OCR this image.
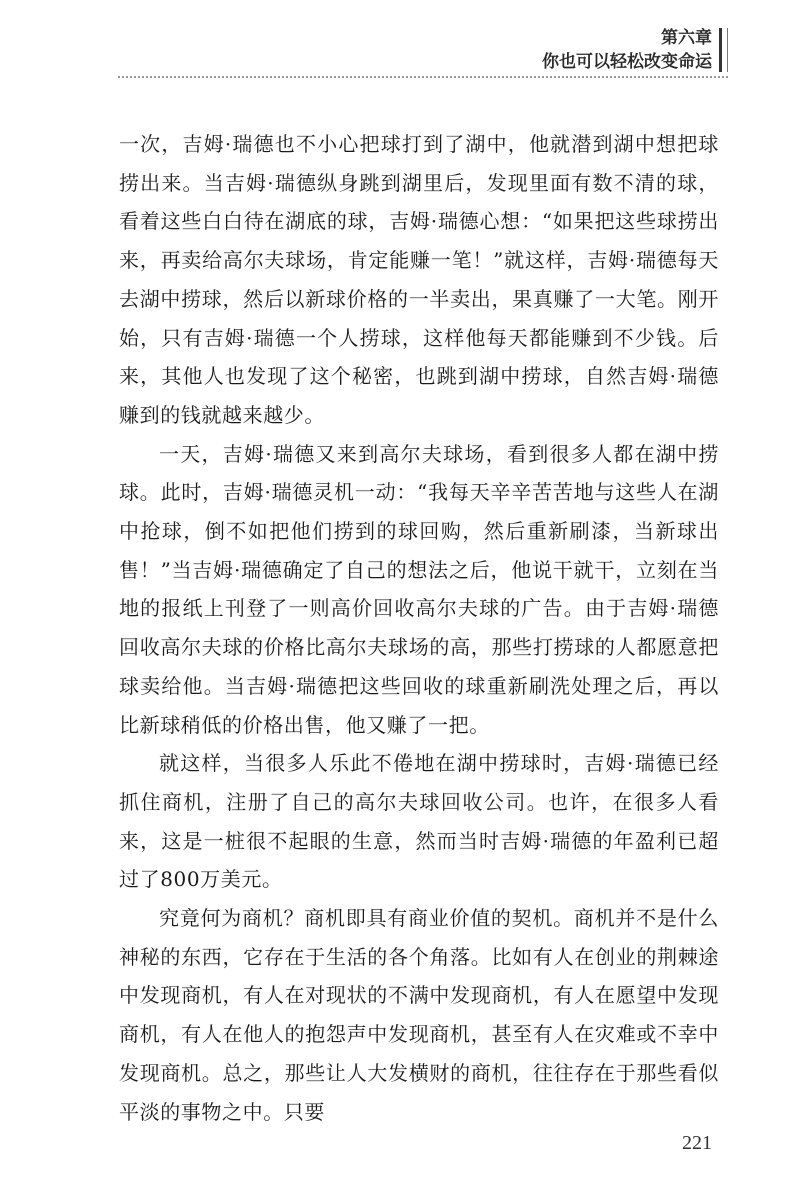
第六章
你也可以轻松改变命运

一次，吉姆·瑞德也不小心把球打到了湖中，他就潜到湖中想把球捞出来。当吉姆·瑞德纵身跳到湖里后，发现里面有数不清的球，看着这些白白待在湖底的球，吉姆·瑞德心想：“如果把这些球捞出来，再卖给高尔夫球场，肯定能赚一笔！”就这样，吉姆·瑞德每天去湖中捞球，然后以新球价格的一半卖出，果真赚了一大笔。刚开始，只有吉姆·瑞德一个人捞球，这样他每天都能赚到不少钱。后来，其他人也发现了这个秘密，也跳到湖中捞球，自然吉姆·瑞德赚到的钱就越来越少。

一天，吉姆·瑞德又来到高尔夫球场，看到很多人都在湖中捞球。此时，吉姆·瑞德灵机一动：“我每天辛辛苦苦地与这些人在湖中抢球，倒不如把他们捞到的球回购，然后重新刷漆，当新球出售！”当吉姆·瑞德确定了自己的想法之后，他说干就干，立刻在当地的报纸上刊登了一则高价回收高尔夫球的广告。由于吉姆·瑞德回收高尔夫球的价格比高尔夫球场的高，那些打捞球的人都愿意把球卖给他。当吉姆·瑞德把这些回收的球重新刷洗处理之后，再以比新球稍低的价格出售，他又赚了一把。

就这样，当很多人乐此不倦地在湖中捞球时，吉姆·瑞德已经抓住商机，注册了自己的高尔夫球回收公司。也许，在很多人看来，这是一桩很不起眼的生意，然而当时吉姆·瑞德的年盈利已超过了800万美元。

究竟何为商机？商机即具有商业价值的契机。商机并不是什么神秘的东西，它存在于生活的各个角落。比如有人在创业的荆棘途中发现商机，有人在对现状的不满中发现商机，有人在愿望中发现商机，有人在他人的抱怨声中发现商机，甚至有人在灾难或不幸中发现商机。总之，那些让人大发横财的商机，往往存在于那些看似平淡的事物之中。只要

221
